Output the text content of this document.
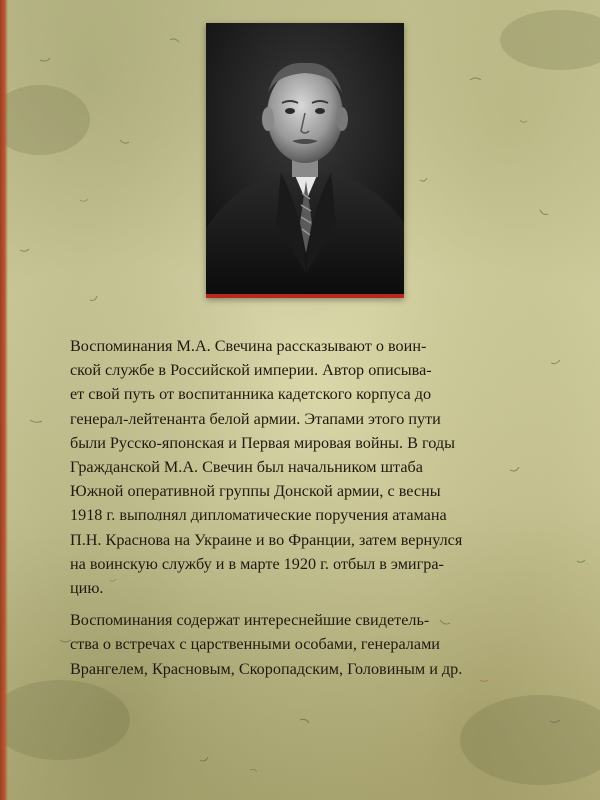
Воспоминания М.А. Свечина рассказывают о воин-
ской службе в Российской империи. Автор описыва-
ет свой путь от воспитанника кадетского корпуса до
генерал-лейтенанта белой армии. Этапами этого пути
были Русско-японская и Первая мировая войны. В годы
Гражданской М.А. Свечин был начальником штаба
Южной оперативной группы Донской армии, с весны
1918 г. выполнял дипломатические поручения атамана
П.Н. Краснова на Украине и во Франции, затем вернулся
на воинскую службу и в марте 1920 г. отбыл в эмигра-
цию.

Воспоминания содержат интереснейшие свидетель-
ства о встречах с царственными особами, генералами
Врангелем, Красновым, Скоропадским, Головиным и др.
